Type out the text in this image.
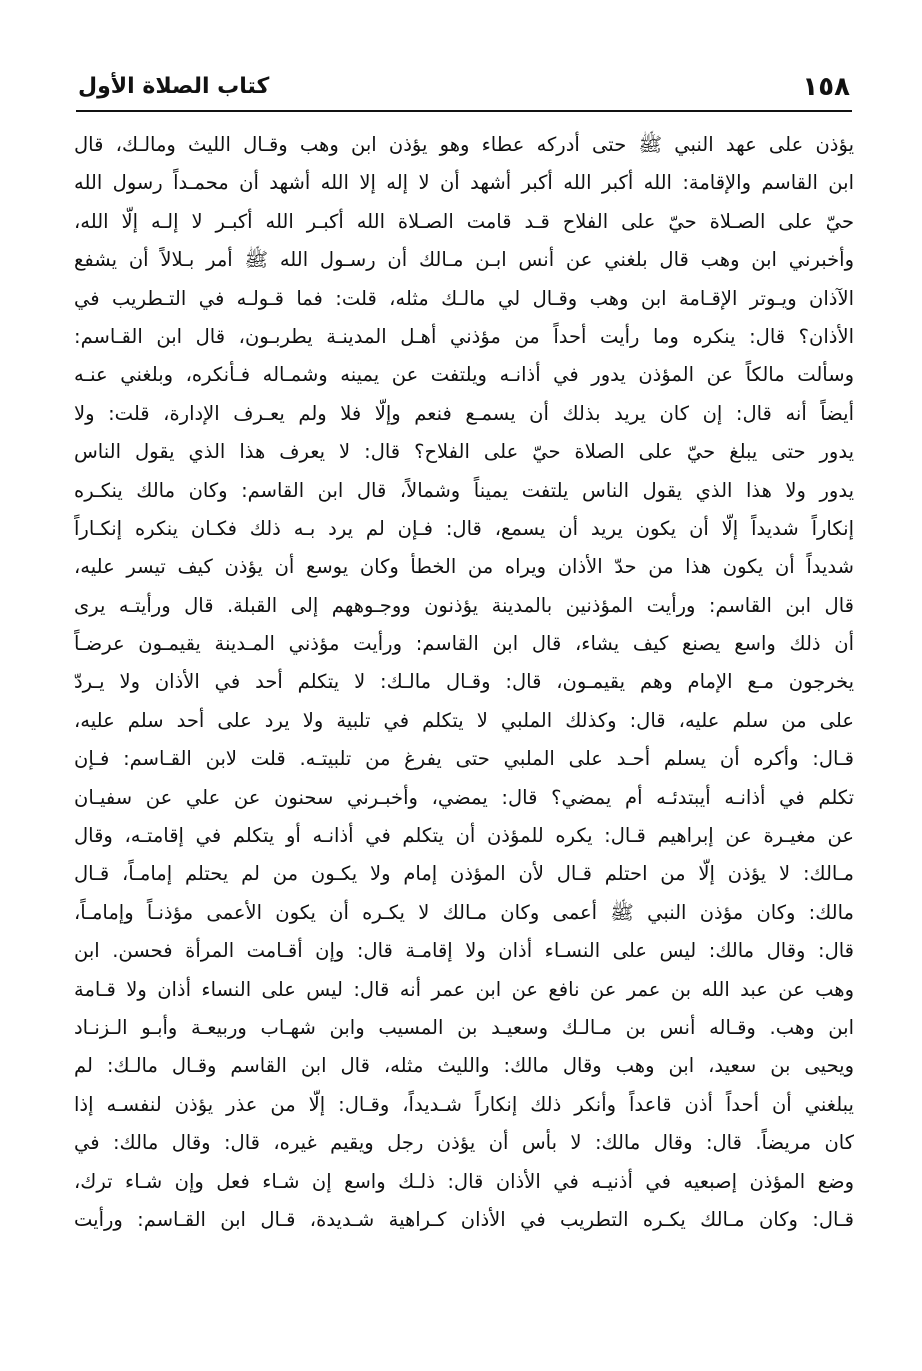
١٥٨
كتاب الصلاة الأول
يؤذن على عهد النبي ﷺ حتى أدركه عطاء وهو يؤذن ابن وهب وقـال الليث ومالـك، قال
ابن القاسم والإقامة: الله أكبر الله أكبر أشهد أن لا إله إلا الله أشهد أن محمـداً رسول الله
حيّ على الصـلاة حيّ على الفلاح قـد قامت الصـلاة الله أكبـر الله أكبـر لا إلـه إلّا الله،
وأخبرني ابن وهب قال بلغني عن أنس ابـن مـالك أن رسـول الله ﷺ أمر بـلالاً أن يشفع
الآذان ويـوتر الإقـامة ابن وهب وقـال لي مالـك مثله، قلت: فما قـولـه في التـطريب في
الأذان؟ قال: ينكره وما رأيت أحداً من مؤذني أهـل المدينـة يطربـون، قال ابن القـاسم:
وسألت مالكاً عن المؤذن يدور في أذانـه ويلتفت عن يمينه وشمـاله فـأنكره، وبلغني عنـه
أيضاً أنه قال: إن كان يريد بذلك أن يسمـع فنعم وإلّا فلا ولم يعـرف الإدارة، قلت: ولا
يدور حتى يبلغ حيّ على الصلاة حيّ على الفلاح؟ قال: لا يعرف هذا الذي يقول الناس
يدور ولا هذا الذي يقول الناس يلتفت يميناً وشمالاً، قال ابن القاسم: وكان مالك ينكـره
إنكاراً شديداً إلّا أن يكون يريد أن يسمع، قال: فـإن لم يرد بـه ذلك فكـان ينكره إنكـاراً
شديداً أن يكون هذا من حدّ الأذان ويراه من الخطأ وكان يوسع أن يؤذن كيف تيسر عليه،
قال ابن القاسم: ورأيت المؤذنين بالمدينة يؤذنون ووجـوههم إلى القبلة. قال ورأيتـه يرى
أن ذلك واسع يصنع كيف يشاء، قال ابن القاسم: ورأيت مؤذني المـدينة يقيمـون عرضـاً
يخرجون مـع الإمام وهم يقيمـون، قال: وقـال مالـك: لا يتكلم أحد في الأذان ولا يـردّ
على من سلم عليه، قال: وكذلك الملبي لا يتكلم في تلبية ولا يرد على أحد سلم عليه،
قـال: وأكره أن يسلم أحـد على الملبي حتى يفرغ من تلبيتـه. قلت لابن القـاسم: فـإن
تكلم في أذانـه أيبتدئـه أم يمضي؟ قال: يمضي، وأخبـرني سحنون عن علي عن سفيـان
عن مغيـرة عن إبراهيم قـال: يكره للمؤذن أن يتكلم في أذانـه أو يتكلم في إقامتـه، وقال
مـالك: لا يؤذن إلّا من احتلم قـال لأن المؤذن إمام ولا يكـون من لم يحتلم إمامـاً، قـال
مالك: وكان مؤذن النبي ﷺ أعمى وكان مـالك لا يكـره أن يكون الأعمى مؤذنـاً وإمامـاً،
قال: وقال مالك: ليس على النسـاء أذان ولا إقامـة قال: وإن أقـامت المرأة فحسن. ابن
وهب عن عبد الله بن عمر عن نافع عن ابن عمر أنه قال: ليس على النساء أذان ولا قـامة
ابن وهب. وقـاله أنس بن مـالـك وسعيـد بن المسيب وابن شهـاب وربيعـة وأبـو الـزنـاد
ويحيى بن سعيد، ابن وهب وقال مالك: والليث مثله، قال ابن القاسم وقـال مالـك: لم
يبلغني أن أحداً أذن قاعداً وأنكر ذلك إنكاراً شـديداً، وقـال: إلّا من عذر يؤذن لنفسـه إذا
كان مريضاً. قال: وقال مالك: لا بأس أن يؤذن رجل ويقيم غيره، قال: وقال مالك: في
وضع المؤذن إصبعيه في أذنيـه في الأذان قال: ذلـك واسع إن شـاء فعل وإن شـاء ترك،
قـال: وكان مـالك يكـره التطريب في الأذان كـراهية شـديدة، قـال ابن القـاسم: ورأيت
